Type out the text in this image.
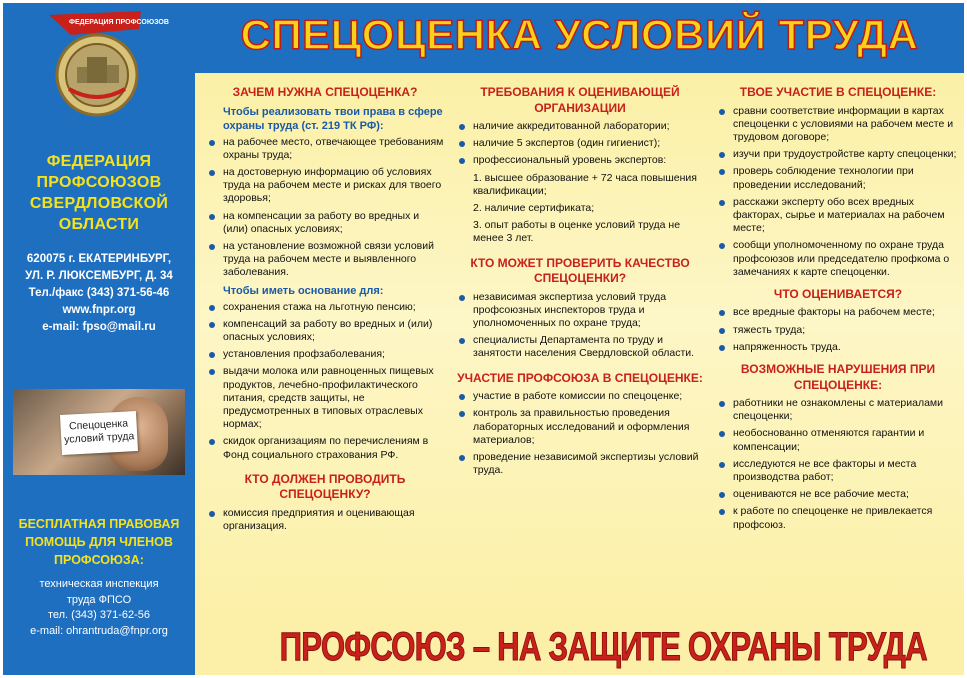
ФЕДЕРАЦИЯ ПРОФСОЮЗОВ
ФЕДЕРАЦИЯ
ПРОФСОЮЗОВ
СВЕРДЛОВСКОЙ
ОБЛАСТИ
620075 г. ЕКАТЕРИНБУРГ,
УЛ. Р. ЛЮКСЕМБУРГ, Д. 34
Тел./факс (343) 371-56-46
www.fnpr.org
e-mail: fpso@mail.ru
Спецоценка условий труда
БЕСПЛАТНАЯ ПРАВОВАЯ
ПОМОЩЬ ДЛЯ ЧЛЕНОВ
ПРОФСОЮЗА:
техническая инспекция
труда ФПСО
тел. (343) 371-62-56
e-mail: ohrantruda@fnpr.org
СПЕЦОЦЕНКА УСЛОВИЙ ТРУДА
ЗАЧЕМ НУЖНА СПЕЦОЦЕНКА?
Чтобы реализовать твои права в сфере охраны труда (ст. 219 ТК РФ):
на рабочее место, отвечающее требованиям охраны труда;
на достоверную информацию об условиях труда на рабочем месте и рисках для твоего здоровья;
на компенсации за работу во вредных и (или) опасных условиях;
на установление возможной связи условий труда на рабочем месте и выявленного заболевания.
Чтобы иметь основание для:
сохранения стажа на льготную пенсию;
компенсаций за работу во вредных и (или) опасных условиях;
установления профзаболевания;
выдачи молока или равноценных пищевых продуктов, лечебно-профилактического питания, средств защиты, не предусмотренных в типовых отраслевых нормах;
скидок организациям по перечислениям в Фонд социального страхования РФ.
КТО ДОЛЖЕН ПРОВОДИТЬ СПЕЦОЦЕНКУ?
комиссия предприятия и оценивающая организация.
ТРЕБОВАНИЯ К ОЦЕНИВАЮЩЕЙ ОРГАНИЗАЦИИ
наличие аккредитованной лаборатории;
наличие 5 экспертов (один гигиенист);
профессиональный уровень экспертов:
1. высшее образование + 72 часа повышения квалификации;
2. наличие сертификата;
3. опыт работы в оценке условий труда не менее 3 лет.
КТО МОЖЕТ ПРОВЕРИТЬ КАЧЕСТВО СПЕЦОЦЕНКИ?
независимая экспертиза условий труда профсоюзных инспекторов труда и уполномоченных по охране труда;
специалисты Департамента по труду и занятости населения Свердловской области.
УЧАСТИЕ ПРОФСОЮЗА В СПЕЦОЦЕНКЕ:
участие в работе комиссии по спецоценке;
контроль за правильностью проведения лабораторных исследований и оформления материалов;
проведение независимой экспертизы условий труда.
ТВОЕ УЧАСТИЕ В СПЕЦОЦЕНКЕ:
сравни соответствие информации в картах спецоценки с условиями на рабочем месте и трудовом договоре;
изучи при трудоустройстве карту спецоценки;
проверь соблюдение технологии при проведении исследований;
расскажи эксперту обо всех вредных факторах, сырье и материалах на рабочем месте;
сообщи уполномоченному по охране труда профсоюзов или председателю профкома о замечаниях к карте спецоценки.
ЧТО ОЦЕНИВАЕТСЯ?
все вредные факторы на рабочем месте;
тяжесть труда;
напряженность труда.
ВОЗМОЖНЫЕ НАРУШЕНИЯ ПРИ СПЕЦОЦЕНКЕ:
работники не ознакомлены с материалами спецоценки;
необоснованно отменяются гарантии и компенсации;
исследуются не все факторы и места производства работ;
оцениваются не все рабочие места;
к работе по спецоценке не привлекается профсоюз.
ПРОФСОЮЗ – НА ЗАЩИТЕ ОХРАНЫ ТРУДА
